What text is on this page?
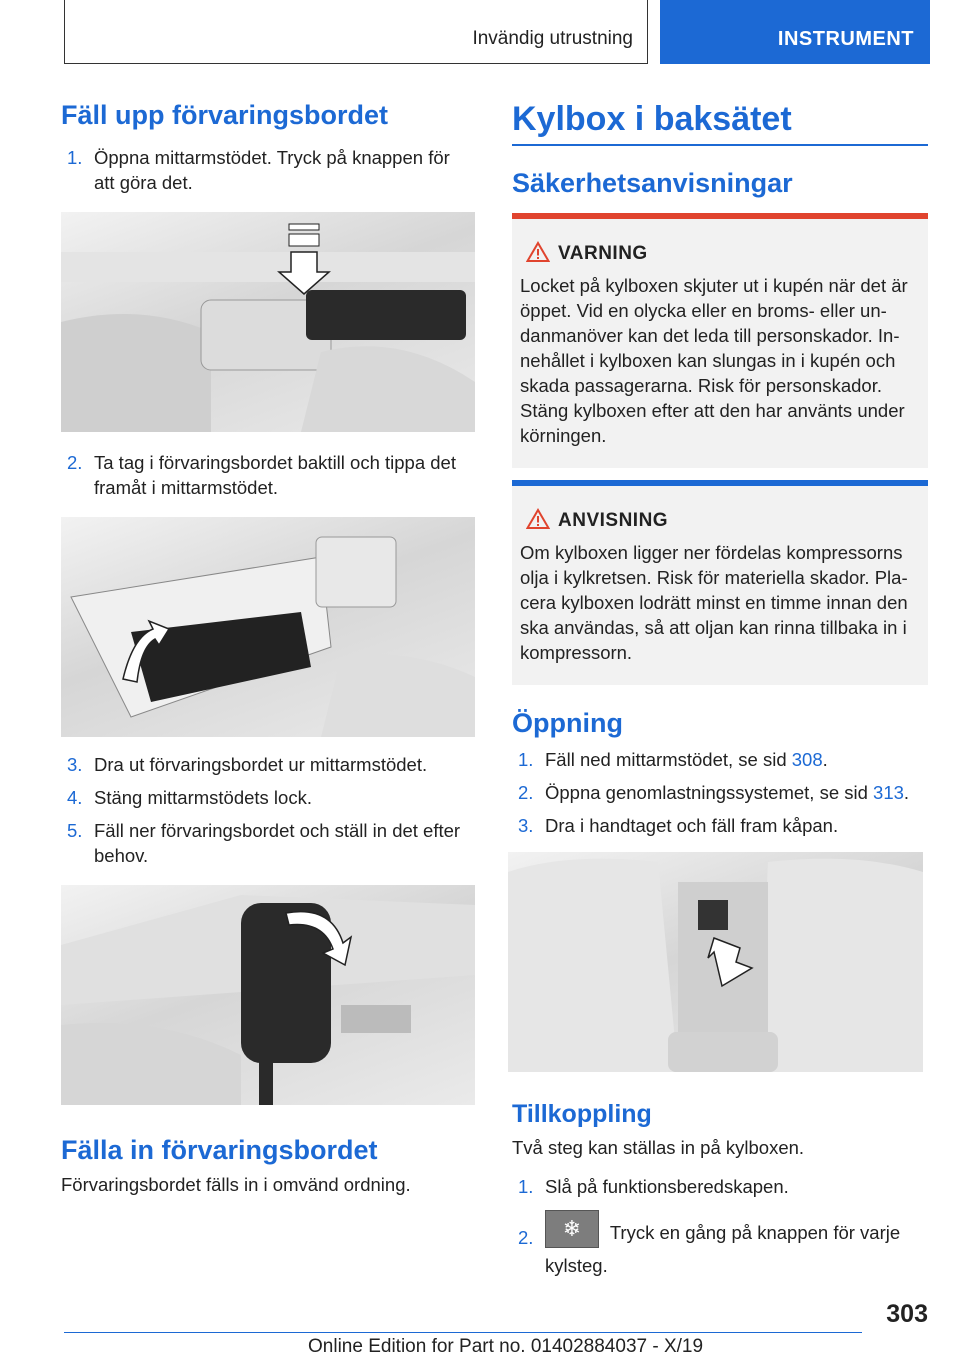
Invändig utrustning	INSTRUMENT
Fäll upp förvaringsbordet
1. Öppna mittarmstödet. Tryck på knappen för att göra det.
2. Ta tag i förvaringsbordet baktill och tippa det framåt i mittarmstödet.
3. Dra ut förvaringsbordet ur mittarmstödet.
4. Stäng mittarmstödets lock.
5. Fäll ner förvaringsbordet och ställ in det efter behov.
Fälla in förvaringsbordet
Förvaringsbordet fälls in i omvänd ordning.
Kylbox i baksätet
Säkerhetsanvisningar
VARNING
Locket på kylboxen skjuter ut i kupén när det är öppet. Vid en olycka eller en broms- eller undanmanöver kan det leda till personskador. Innehållet i kylboxen kan slungas in i kupén och skada passagerarna. Risk för personskador. Stäng kylboxen efter att den har använts under körningen.
ANVISNING
Om kylboxen ligger ner fördelas kompressorns olja i kylkretsen. Risk för materiella skador. Placera kylboxen lodrätt minst en timme innan den ska användas, så att oljan kan rinna tillbaka in i kompressorn.
Öppning
1. Fäll ned mittarmstödet, se sid 308.
2. Öppna genomlastningssystemet, se sid 313.
3. Dra i handtaget och fäll fram kåpan.
Tillkoppling
Två steg kan ställas in på kylboxen.
1. Slå på funktionsberedskapen.
2. ❄ Tryck en gång på knappen för varje kylsteg.
303
Online Edition for Part no. 01402884037 - X/19
